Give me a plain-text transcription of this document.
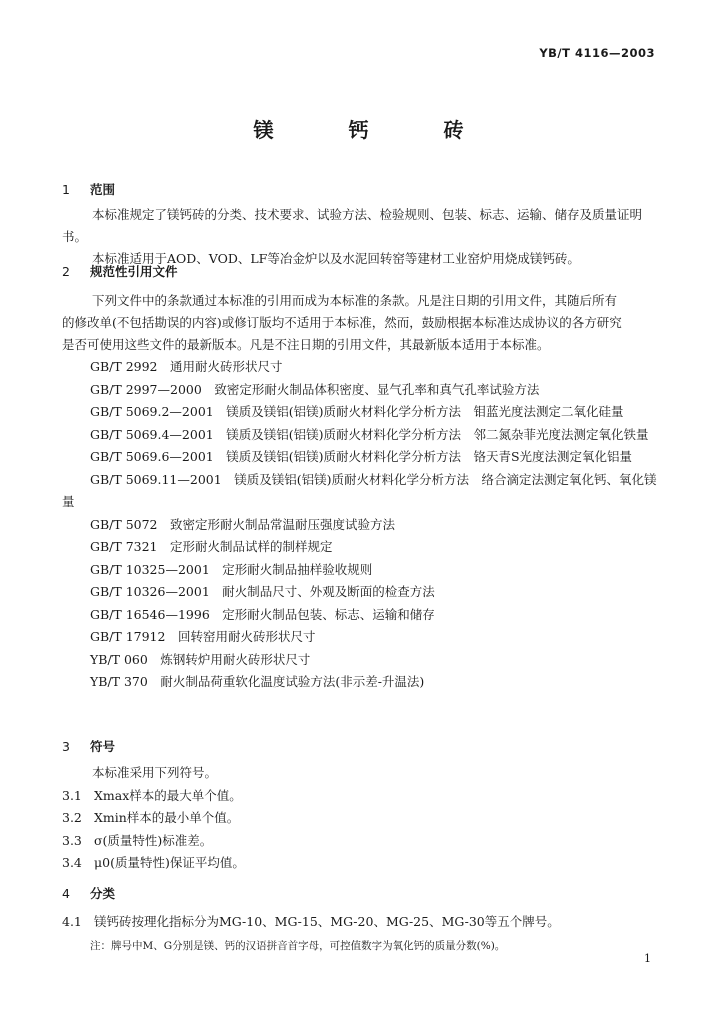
YB/T 4116—2003
镁	钙	砖
1 范围
本标准规定了镁钙砖的分类、技术要求、试验方法、检验规则、包装、标志、运输、储存及质量证明书。
本标准适用于AOD、VOD、LF等冶金炉以及水泥回转窑等建材工业窑炉用烧成镁钙砖。
2 规范性引用文件
下列文件中的条款通过本标准的引用而成为本标准的条款。凡是注日期的引用文件，其随后所有
的修改单(不包括勘误的内容)或修订版均不适用于本标准，然而，鼓励根据本标准达成协议的各方研究
是否可使用这些文件的最新版本。凡是不注日期的引用文件，其最新版本适用于本标准。
GB/T 2992　通用耐火砖形状尺寸
GB/T 2997—2000　致密定形耐火制品体积密度、显气孔率和真气孔率试验方法
GB/T 5069.2—2001　镁质及镁铝(铝镁)质耐火材料化学分析方法　钼蓝光度法测定二氧化硅量
GB/T 5069.4—2001　镁质及镁铝(铝镁)质耐火材料化学分析方法　邻二氮杂菲光度法测定氧化铁量
GB/T 5069.6—2001　镁质及镁铝(铝镁)质耐火材料化学分析方法　铬天青S光度法测定氧化铝量
GB/T 5069.11—2001　镁质及镁铝(铝镁)质耐火材料化学分析方法　络合滴定法测定氧化钙、氧化镁量
GB/T 5072　致密定形耐火制品常温耐压强度试验方法
GB/T 7321　定形耐火制品试样的制样规定
GB/T 10325—2001　定形耐火制品抽样验收规则
GB/T 10326—2001　耐火制品尺寸、外观及断面的检查方法
GB/T 16546—1996　定形耐火制品包装、标志、运输和储存
GB/T 17912　回转窑用耐火砖形状尺寸
YB/T 060　炼钢转炉用耐火砖形状尺寸
YB/T 370　耐火制品荷重软化温度试验方法(非示差-升温法)
3 符号
本标准采用下列符号。
3.1 Xmax样本的最大单个值。
3.2 Xmin样本的最小单个值。
3.3 σ(质量特性)标准差。
3.4 μ0(质量特性)保证平均值。
4 分类
4.1 镁钙砖按理化指标分为MG-10、MG-15、MG-20、MG-25、MG-30等五个牌号。
注：牌号中M、G分别是镁、钙的汉语拼音首字母，可控值数字为氧化钙的质量分数(%)。
1
